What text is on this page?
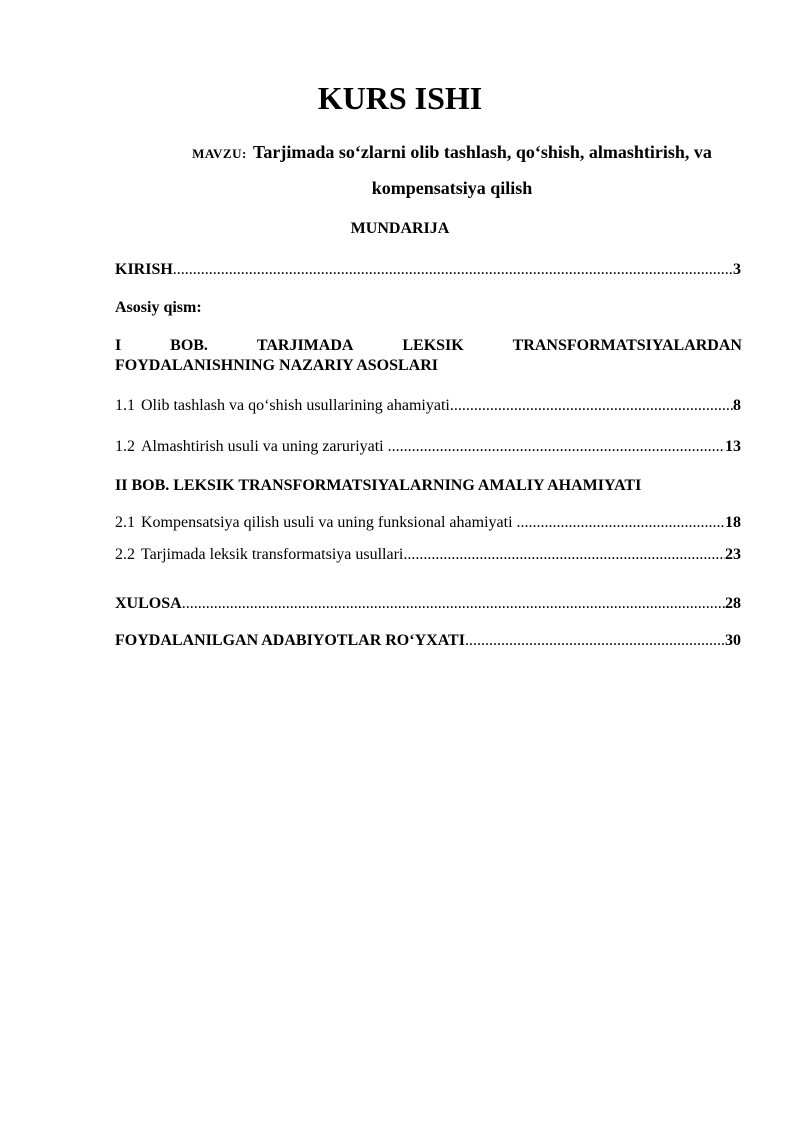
KURS ISHI
MAVZU: Tarjimada so‘zlarni olib tashlash, qo‘shish, almashtirish, va kompensatsiya qilish
MUNDARIJA
KIRISH .....	3
Asosiy qism:
I	BOB.	TARJIMADA	LEKSIK	TRANSFORMATSIYALARDAN
FOYDALANISHNING NAZARIY ASOSLARI
1.1 Olib tashlash va qo‘shish usullarining ahamiyati .....	8
1.2 Almashtirish usuli va uning zaruriyati .....	13
II BOB. LEKSIK TRANSFORMATSIYALARNING AMALIY AHAMIYATI
2.1 Kompensatsiya qilish usuli va uning funksional ahamiyati .....	18
2.2 Tarjimada leksik transformatsiya usullari .....	23
XULOSA .....	28
FOYDALANILGAN ADABIYOTLAR RO‘YXATI .....	30
